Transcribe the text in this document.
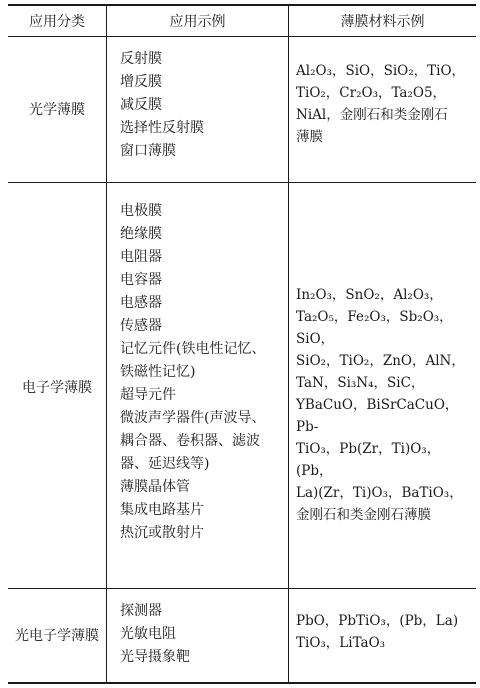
应用分类	应用示例	薄膜材料示例
光学薄膜
反射膜
增反膜
减反膜
选择性反射膜
窗口薄膜
Al₂O₃，SiO，SiO₂，TiO，
TiO₂，Cr₂O₃，Ta₂O5，
NiAl，金刚石和类金刚石
薄膜
电子学薄膜
电极膜
绝缘膜
电阻器
电容器
电感器
传感器
记忆元件(铁电性记忆、
铁磁性记忆)
超导元件
微波声学器件(声波导、
耦合器、卷积器、滤波
器、延迟线等)
薄膜晶体管
集成电路基片
热沉或散射片
In₂O₃，SnO₂，Al₂O₃，
Ta₂O₅，Fe₂O₃，Sb₂O₃，SiO，
SiO₂，TiO₂，ZnO，AlN，
TaN，Si₃N₄，SiC，
YBaCuO，BiSrCaCuO，Pb-
TiO₃，Pb(Zr，Ti)O₃，(Pb，
La)(Zr，Ti)O₃，BaTiO₃，
金刚石和类金刚石薄膜
光电子学薄膜
探测器
光敏电阻
光导摄象靶
PbO，PbTiO₃，(Pb，La)
TiO₃，LiTaO₃
